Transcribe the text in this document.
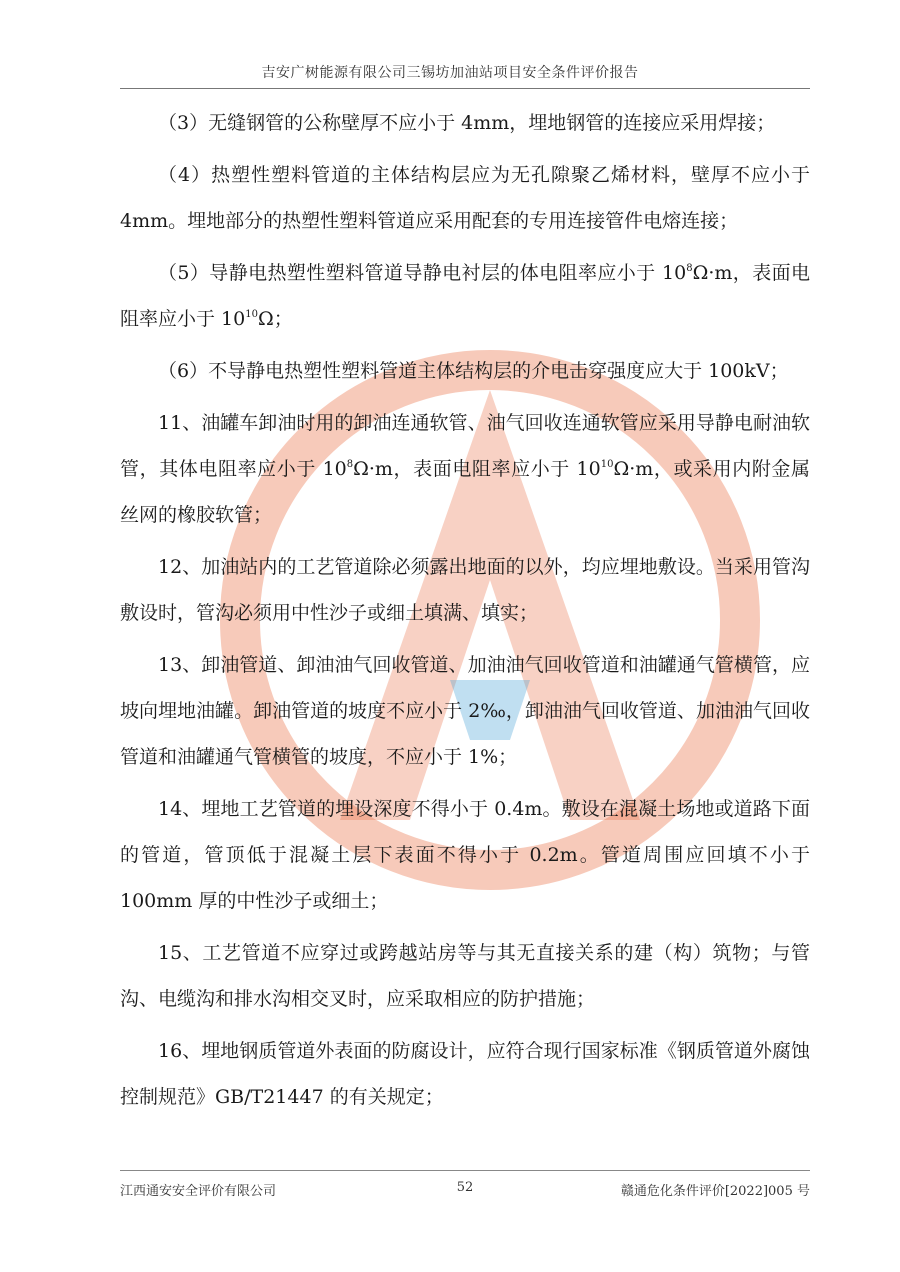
吉安广树能源有限公司三锡坊加油站项目安全条件评价报告

（3）无缝钢管的公称壁厚不应小于 4mm，埋地钢管的连接应采用焊接；

（4）热塑性塑料管道的主体结构层应为无孔隙聚乙烯材料，壁厚不应小于 4mm。埋地部分的热塑性塑料管道应采用配套的专用连接管件电熔连接；

（5）导静电热塑性塑料管道导静电衬层的体电阻率应小于 $10^8\Omega\cdot m$，表面电阻率应小于 $10^{10}\Omega$；

（6）不导静电热塑性塑料管道主体结构层的介电击穿强度应大于 100kV；

11、油罐车卸油时用的卸油连通软管、油气回收连通软管应采用导静电耐油软管，其体电阻率应小于 $10^8\Omega\cdot m$，表面电阻率应小于 $10^{10}\Omega\cdot m$，或采用内附金属丝网的橡胶软管；

12、加油站内的工艺管道除必须露出地面的以外，均应埋地敷设。当采用管沟敷设时，管沟必须用中性沙子或细土填满、填实；

13、卸油管道、卸油油气回收管道、加油油气回收管道和油罐通气管横管，应坡向埋地油罐。卸油管道的坡度不应小于 2‰，卸油油气回收管道、加油油气回收管道和油罐通气管横管的坡度，不应小于 1%；

14、埋地工艺管道的埋设深度不得小于 0.4m。敷设在混凝土场地或道路下面的管道，管顶低于混凝土层下表面不得小于 0.2m。管道周围应回填不小于 100mm 厚的中性沙子或细土；

15、工艺管道不应穿过或跨越站房等与其无直接关系的建（构）筑物；与管沟、电缆沟和排水沟相交叉时，应采取相应的防护措施；

16、埋地钢质管道外表面的防腐设计，应符合现行国家标准《钢质管道外腐蚀控制规范》GB/T21447 的有关规定；

江西通安安全评价有限公司	52	赣通危化条件评价[2022]005 号
